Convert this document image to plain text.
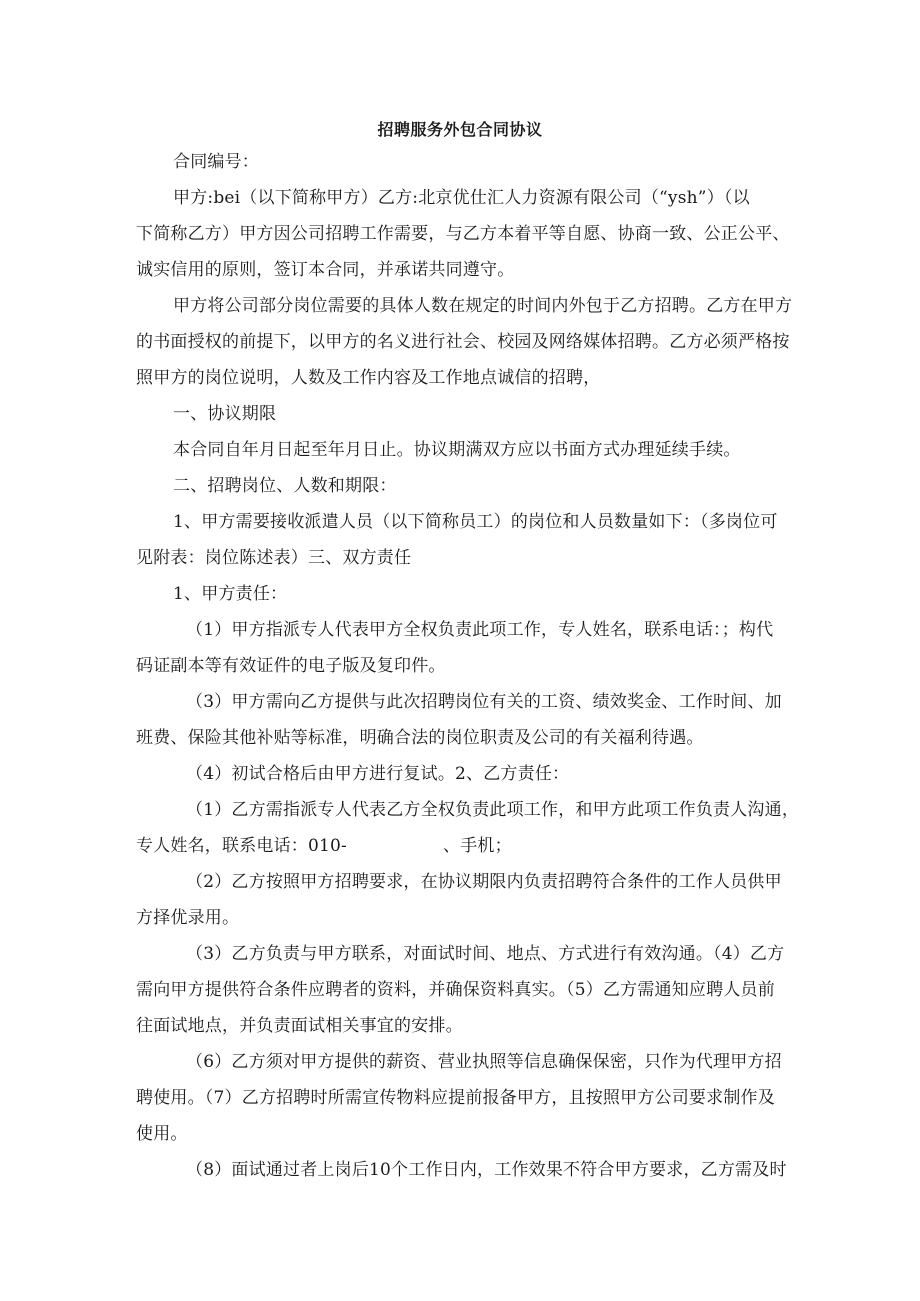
招聘服务外包合同协议
合同编号：
甲方:bei（以下简称甲方）乙方:北京优仕汇人力资源有限公司（“ysh”）（以
下简称乙方）甲方因公司招聘工作需要，与乙方本着平等自愿、协商一致、公正公平、
诚实信用的原则，签订本合同，并承诺共同遵守。
甲方将公司部分岗位需要的具体人数在规定的时间内外包于乙方招聘。乙方在甲方
的书面授权的前提下，以甲方的名义进行社会、校园及网络媒体招聘。乙方必须严格按
照甲方的岗位说明，人数及工作内容及工作地点诚信的招聘，
一、协议期限
本合同自年月日起至年月日止。协议期满双方应以书面方式办理延续手续。
二、招聘岗位、人数和期限：
1、甲方需要接收派遣人员（以下简称员工）的岗位和人员数量如下：（多岗位可
见附表：岗位陈述表）三、双方责任
1、甲方责任：
（1）甲方指派专人代表甲方全权负责此项工作，专人姓名，联系电话：；构代
码证副本等有效证件的电子版及复印件。
（3）甲方需向乙方提供与此次招聘岗位有关的工资、绩效奖金、工作时间、加
班费、保险其他补贴等标准，明确合法的岗位职责及公司的有关福利待遇。
（4）初试合格后由甲方进行复试。2、乙方责任：
（1）乙方需指派专人代表乙方全权负责此项工作，和甲方此项工作负责人沟通，
专人姓名，联系电话：010-	、手机；
（2）乙方按照甲方招聘要求，在协议期限内负责招聘符合条件的工作人员供甲
方择优录用。
（3）乙方负责与甲方联系，对面试时间、地点、方式进行有效沟通。（4）乙方
需向甲方提供符合条件应聘者的资料，并确保资料真实。（5）乙方需通知应聘人员前
往面试地点，并负责面试相关事宜的安排。
（6）乙方须对甲方提供的薪资、营业执照等信息确保保密，只作为代理甲方招
聘使用。（7）乙方招聘时所需宣传物料应提前报备甲方，且按照甲方公司要求制作及
使用。
（8）面试通过者上岗后10个工作日内，工作效果不符合甲方要求，乙方需及时
